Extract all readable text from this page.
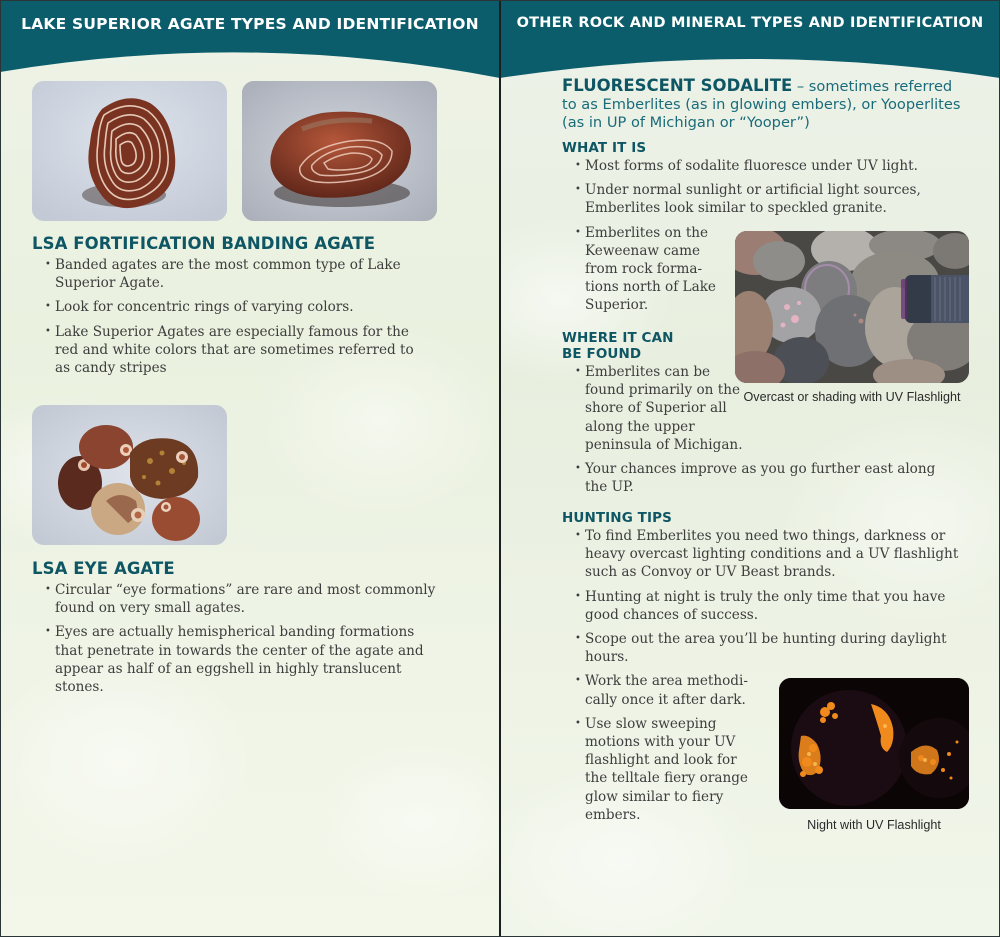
LAKE SUPERIOR AGATE TYPES AND IDENTIFICATION
LSA FORTIFICATION BANDING AGATE
• Banded agates are the most common type of Lake Superior Agate.
• Look for concentric rings of varying colors.
• Lake Superior Agates are especially famous for the red and white colors that are sometimes referred to as candy stripes
LSA EYE AGATE
• Circular “eye formations” are rare and most commonly found on very small agates.
• Eyes are actually hemispherical banding formations that penetrate in towards the center of the agate and appear as half of an eggshell in highly translucent stones.
OTHER ROCK AND MINERAL TYPES AND IDENTIFICATION
FLUORESCENT SODALITE – sometimes referred to as Emberlites (as in glowing embers), or Yooperlites (as in UP of Michigan or “Yooper”)
WHAT IT IS
• Most forms of sodalite fluoresce under UV light.
• Under normal sunlight or artificial light sources, Emberlites look similar to speckled granite.
• Emberlites on the Keweenaw came from rock forma-tions north of Lake Superior.
Overcast or shading with UV Flashlight
WHERE IT CAN
BE FOUND
• Emberlites can be found primarily on the shore of Superior all along the upper peninsula of Michigan.
• Your chances improve as you go further east along the UP.
HUNTING TIPS
• To find Emberlites you need two things, darkness or heavy overcast lighting conditions and a UV flashlight such as Convoy or UV Beast brands.
• Hunting at night is truly the only time that you have good chances of success.
• Scope out the area you’ll be hunting during daylight hours.
• Work the area methodi-cally once it after dark.
• Use slow sweeping motions with your UV flashlight and look for the telltale fiery orange glow similar to fiery embers.
Night with UV Flashlight
